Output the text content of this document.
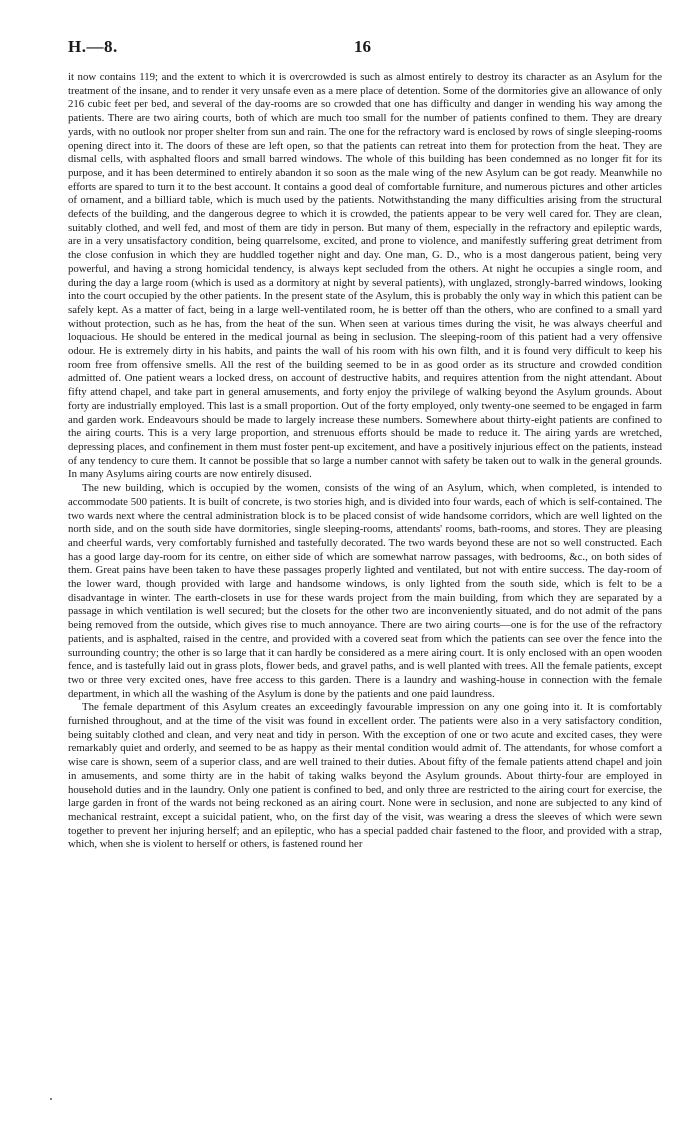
H.—8.	16

it now contains 119; and the extent to which it is overcrowded is such as almost entirely to destroy its character as an Asylum for the treatment of the insane, and to render it very unsafe even as a mere place of detention. Some of the dormitories give an allowance of only 216 cubic feet per bed, and several of the day-rooms are so crowded that one has difficulty and danger in wending his way among the patients. There are two airing courts, both of which are much too small for the number of patients confined to them. They are dreary yards, with no outlook nor proper shelter from sun and rain. The one for the refractory ward is enclosed by rows of single sleeping-rooms opening direct into it. The doors of these are left open, so that the patients can retreat into them for protection from the heat. They are dismal cells, with asphalted floors and small barred windows. The whole of this building has been condemned as no longer fit for its purpose, and it has been determined to entirely abandon it so soon as the male wing of the new Asylum can be got ready. Meanwhile no efforts are spared to turn it to the best account. It contains a good deal of comfortable furniture, and numerous pictures and other articles of ornament, and a billiard table, which is much used by the patients. Notwithstanding the many difficulties arising from the structural defects of the building, and the dangerous degree to which it is crowded, the patients appear to be very well cared for. They are clean, suitably clothed, and well fed, and most of them are tidy in person. But many of them, especially in the refractory and epileptic wards, are in a very unsatisfactory condition, being quarrelsome, excited, and prone to violence, and manifestly suffering great detriment from the close confusion in which they are huddled together night and day. One man, G. D., who is a most dangerous patient, being very powerful, and having a strong homicidal tendency, is always kept secluded from the others. At night he occupies a single room, and during the day a large room (which is used as a dormitory at night by several patients), with unglazed, strongly-barred windows, looking into the court occupied by the other patients. In the present state of the Asylum, this is probably the only way in which this patient can be safely kept. As a matter of fact, being in a large well-ventilated room, he is better off than the others, who are confined to a small yard without protection, such as he has, from the heat of the sun. When seen at various times during the visit, he was always cheerful and loquacious. He should be entered in the medical journal as being in seclusion. The sleeping-room of this patient had a very offensive odour. He is extremely dirty in his habits, and paints the wall of his room with his own filth, and it is found very difficult to keep his room free from offensive smells. All the rest of the building seemed to be in as good order as its structure and crowded condition admitted of. One patient wears a locked dress, on account of destructive habits, and requires attention from the night attendant. About fifty attend chapel, and take part in general amusements, and forty enjoy the privilege of walking beyond the Asylum grounds. About forty are industrially employed. This last is a small proportion. Out of the forty employed, only twenty-one seemed to be engaged in farm and garden work. Endeavours should be made to largely increase these numbers. Somewhere about thirty-eight patients are confined to the airing courts. This is a very large proportion, and strenuous efforts should be made to reduce it. The airing yards are wretched, depressing places, and confinement in them must foster pent-up excitement, and have a positively injurious effect on the patients, instead of any tendency to cure them. It cannot be possible that so large a number cannot with safety be taken out to walk in the general grounds. In many Asylums airing courts are now entirely disused.

The new building, which is occupied by the women, consists of the wing of an Asylum, which, when completed, is intended to accommodate 500 patients. It is built of concrete, is two stories high, and is divided into four wards, each of which is self-contained. The two wards next where the central administration block is to be placed consist of wide handsome corridors, which are well lighted on the north side, and on the south side have dormitories, single sleeping-rooms, attendants' rooms, bath-rooms, and stores. They are pleasing and cheerful wards, very comfortably furnished and tastefully decorated. The two wards beyond these are not so well constructed. Each has a good large day-room for its centre, on either side of which are somewhat narrow passages, with bedrooms, &c., on both sides of them. Great pains have been taken to have these passages properly lighted and ventilated, but not with entire success. The day-room of the lower ward, though provided with large and handsome windows, is only lighted from the south side, which is felt to be a disadvantage in winter. The earth-closets in use for these wards project from the main building, from which they are separated by a passage in which ventilation is well secured; but the closets for the other two are inconveniently situated, and do not admit of the pans being removed from the outside, which gives rise to much annoyance. There are two airing courts—one is for the use of the refractory patients, and is asphalted, raised in the centre, and provided with a covered seat from which the patients can see over the fence into the surrounding country; the other is so large that it can hardly be considered as a mere airing court. It is only enclosed with an open wooden fence, and is tastefully laid out in grass plots, flower beds, and gravel paths, and is well planted with trees. All the female patients, except two or three very excited ones, have free access to this garden. There is a laundry and washing-house in connection with the female department, in which all the washing of the Asylum is done by the patients and one paid laundress.

The female department of this Asylum creates an exceedingly favourable impression on any one going into it. It is comfortably furnished throughout, and at the time of the visit was found in excellent order. The patients were also in a very satisfactory condition, being suitably clothed and clean, and very neat and tidy in person. With the exception of one or two acute and excited cases, they were remarkably quiet and orderly, and seemed to be as happy as their mental condition would admit of. The attendants, for whose comfort a wise care is shown, seem of a superior class, and are well trained to their duties. About fifty of the female patients attend chapel and join in amusements, and some thirty are in the habit of taking walks beyond the Asylum grounds. About thirty-four are employed in household duties and in the laundry. Only one patient is confined to bed, and only three are restricted to the airing court for exercise, the large garden in front of the wards not being reckoned as an airing court. None were in seclusion, and none are subjected to any kind of mechanical restraint, except a suicidal patient, who, on the first day of the visit, was wearing a dress the sleeves of which were sewn together to prevent her injuring herself; and an epileptic, who has a special padded chair fastened to the floor, and provided with a strap, which, when she is violent to herself or others, is fastened round her
